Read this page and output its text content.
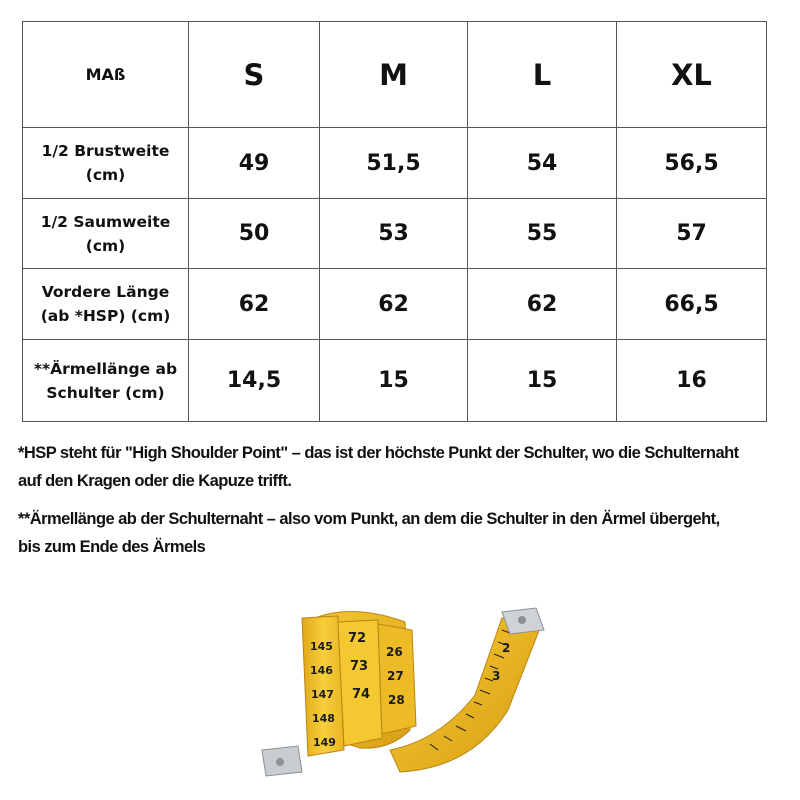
MAß	S	M	L	XL

1/2 Brustweite
(cm)	49	51,5	54	56,5

1/2 Saumweite
(cm)	50	53	55	57

Vordere Länge
(ab *HSP) (cm)	62	62	62	66,5

**Ärmellänge ab
Schulter (cm)	14,5	15	15	16

*HSP steht für "High Shoulder Point" – das ist der höchste Punkt der Schulter, wo die Schulternaht
auf den Kragen oder die Kapuze trifft.

**Ärmellänge ab der Schulternaht – also vom Punkt, an dem die Schulter in den Ärmel übergeht,
bis zum Ende des Ärmels

145
146
147
148
149
72
73
74
26
27
28
2
3
